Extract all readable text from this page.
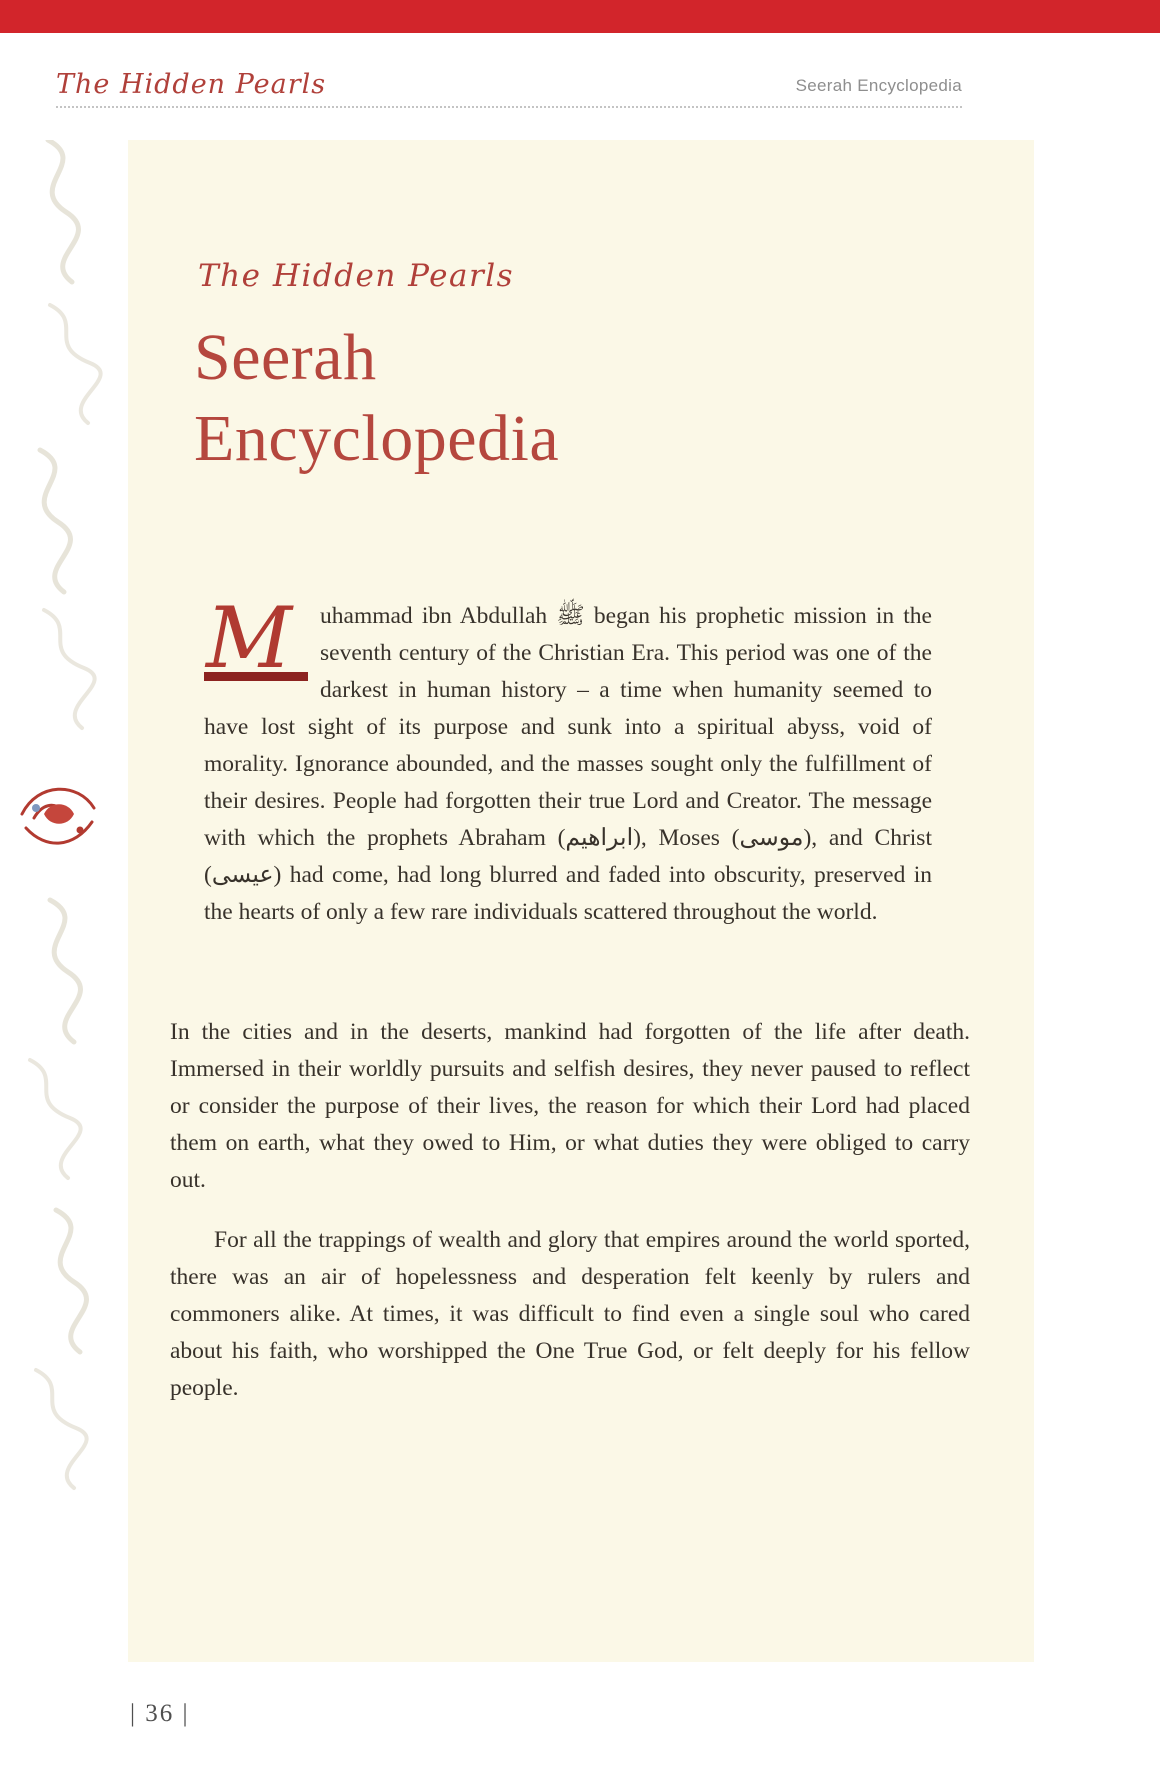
The Hidden Pearls	Seerah Encyclopedia
The Hidden Pearls
Seerah
Encyclopedia

M	uhammad ibn Abdullah ﷺ began his prophetic mission in the seventh century of the Christian Era. This period was one of the darkest in human history – a time when humanity seemed to have lost sight of its purpose and sunk into a spiritual abyss, void of morality. Ignorance abounded, and the masses sought only the fulfillment of their desires. People had forgotten their true Lord and Creator. The message with which the prophets Abraham (ابراهيم), Moses (موسى), and Christ (عيسى) had come, had long blurred and faded into obscurity, preserved in the hearts of only a few rare individuals scattered throughout the world.

In the cities and in the deserts, mankind had forgotten of the life after death. Immersed in their worldly pursuits and selfish desires, they never paused to reflect or consider the purpose of their lives, the reason for which their Lord had placed them on earth, what they owed to Him, or what duties they were obliged to carry out.

For all the trappings of wealth and glory that empires around the world sported, there was an air of hopelessness and desperation felt keenly by rulers and commoners alike. At times, it was difficult to find even a single soul who cared about his faith, who worshipped the One True God, or felt deeply for his fellow people.

| 36 |
